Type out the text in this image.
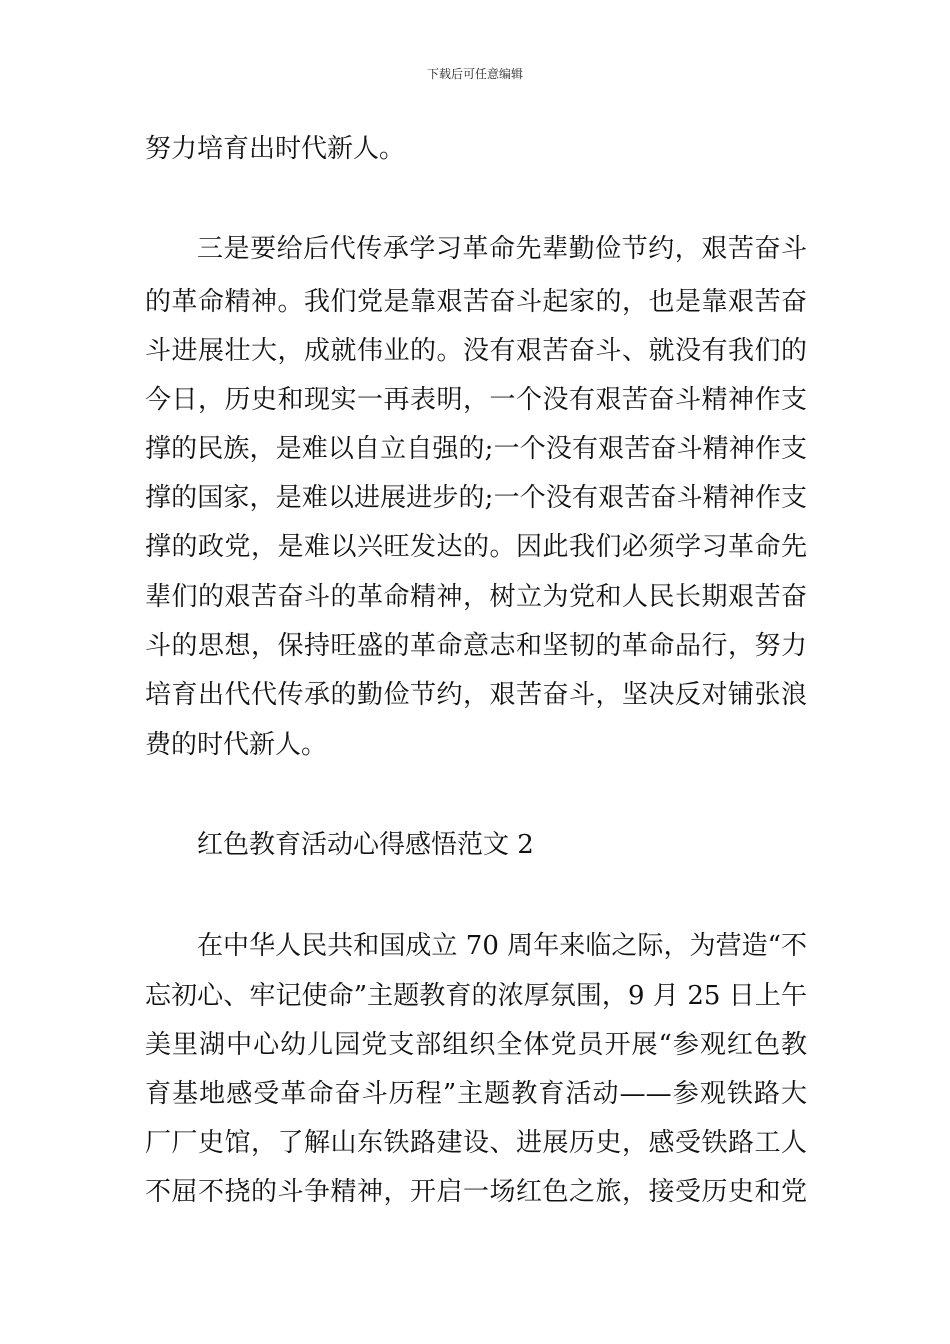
下载后可任意编辑
努力培育出时代新人。
三是要给后代传承学习革命先辈勤俭节约，艰苦奋斗
的革命精神。我们党是靠艰苦奋斗起家的，也是靠艰苦奋
斗进展壮大，成就伟业的。没有艰苦奋斗、就没有我们的
今日，历史和现实一再表明，一个没有艰苦奋斗精神作支
撑的民族，是难以自立自强的;一个没有艰苦奋斗精神作支
撑的国家，是难以进展进步的;一个没有艰苦奋斗精神作支
撑的政党，是难以兴旺发达的。因此我们必须学习革命先
辈们的艰苦奋斗的革命精神，树立为党和人民长期艰苦奋
斗的思想，保持旺盛的革命意志和坚韧的革命品行，努力
培育出代代传承的勤俭节约，艰苦奋斗，坚决反对铺张浪
费的时代新人。
红色教育活动心得感悟范文 2
在中华人民共和国成立 70 周年来临之际，为营造“不
忘初心、牢记使命”主题教育的浓厚氛围，9 月 25 日上午
美里湖中心幼儿园党支部组织全体党员开展“参观红色教
育基地感受革命奋斗历程”主题教育活动——参观铁路大
厂厂史馆，了解山东铁路建设、进展历史，感受铁路工人
不屈不挠的斗争精神，开启一场红色之旅，接受历史和党
